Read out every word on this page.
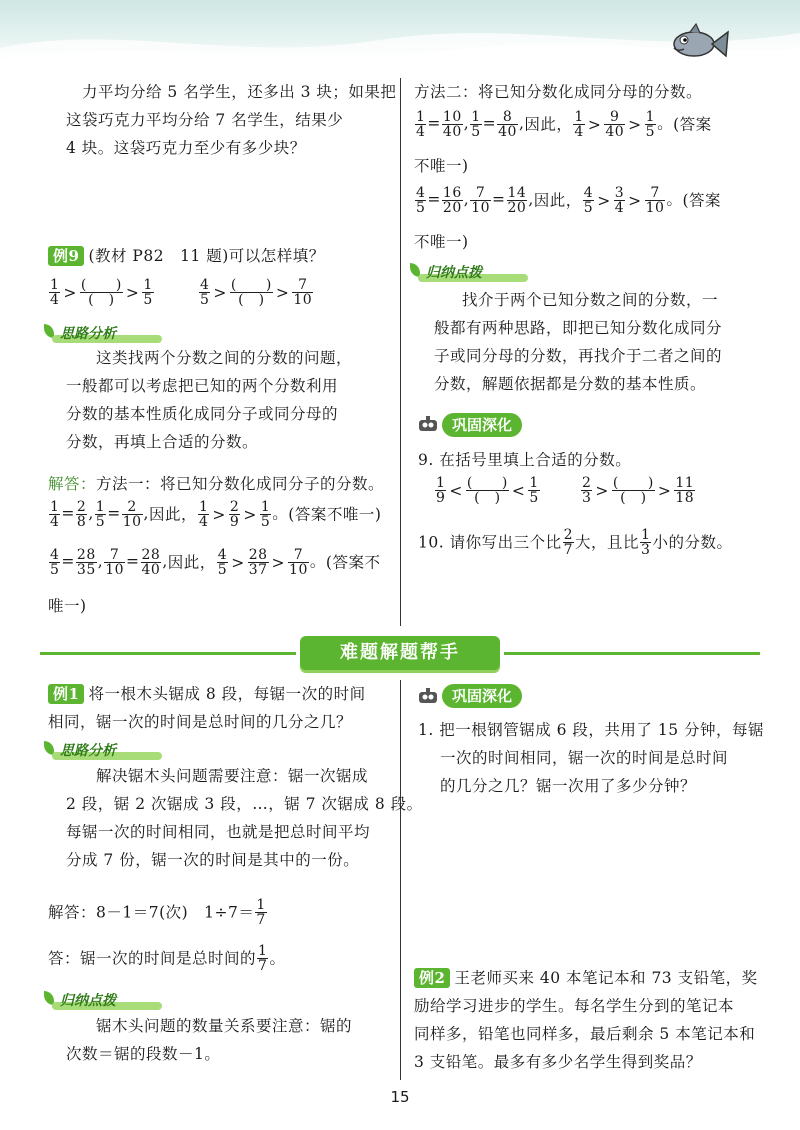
力平均分给 5 名学生，还多出 3 块；如果把
这袋巧克力平均分给 7 名学生，结果少
4 块。这袋巧克力至少有多少块？
例9 (教材 P82　11 题)可以怎样填？
$\frac{1}{4} > \frac{( )}{( )} > \frac{1}{5}$	$\frac{4}{5} > \frac{( )}{( )} > \frac{7}{10}$
思路分析
这类找两个分数之间的分数的问题，
一般都可以考虑把已知的两个分数利用
分数的基本性质化成同分子或同分母的
分数，再填上合适的分数。
解答：方法一：将已知分数化成同分子的分数。
$\frac{1}{4} = \frac{2}{8}$ , $\frac{1}{5} = \frac{2}{10}$ ,因此， $\frac{1}{4} > \frac{2}{9} > \frac{1}{5}$ 。(答案不唯一)
$\frac{4}{5} = \frac{28}{35}$ , $\frac{7}{10} = \frac{28}{40}$ ,因此， $\frac{4}{5} > \frac{28}{37} > \frac{7}{10}$ 。(答案不
唯一)
方法二：将已知分数化成同分母的分数。
$\frac{1}{4} = \frac{10}{40}$ , $\frac{1}{5} = \frac{8}{40}$ ,因此， $\frac{1}{4} > \frac{9}{40} > \frac{1}{5}$ 。(答案
不唯一)
$\frac{4}{5} = \frac{16}{20}$ , $\frac{7}{10} = \frac{14}{20}$ ,因此， $\frac{4}{5} > \frac{3}{4} > \frac{7}{10}$ 。(答案
不唯一)
归纳点拨
找介于两个已知分数之间的分数，一
般都有两种思路，即把已知分数化成同分
子或同分母的分数，再找介于二者之间的
分数，解题依据都是分数的基本性质。
巩固深化
9. 在括号里填上合适的分数。
$\frac{1}{9} < \frac{( )}{( )} < \frac{1}{5}$	$\frac{2}{3} > \frac{( )}{( )} > \frac{11}{18}$
10. 请你写出三个比 $\frac{2}{7}$ 大，且比 $\frac{1}{3}$ 小的分数。
难题解题帮手
例1 将一根木头锯成 8 段，每锯一次的时间
相同，锯一次的时间是总时间的几分之几？
思路分析
解决锯木头问题需要注意：锯一次锯成
2 段，锯 2 次锯成 3 段，…，锯 7 次锯成 8 段。
每锯一次的时间相同，也就是把总时间平均
分成 7 份，锯一次的时间是其中的一份。
解答：8－1＝7(次)　$1\div 7= \frac{1}{7}$
答：锯一次的时间是总时间的 $\frac{1}{7}$ 。
归纳点拨
锯木头问题的数量关系要注意：锯的
次数＝锯的段数－1。
巩固深化
1. 把一根钢管锯成 6 段，共用了 15 分钟，每锯
一次的时间相同，锯一次的时间是总时间
的几分之几？锯一次用了多少分钟？
例2 王老师买来 40 本笔记本和 73 支铅笔，奖
励给学习进步的学生。每名学生分到的笔记本
同样多，铅笔也同样多，最后剩余 5 本笔记本和
3 支铅笔。最多有多少名学生得到奖品？
15
